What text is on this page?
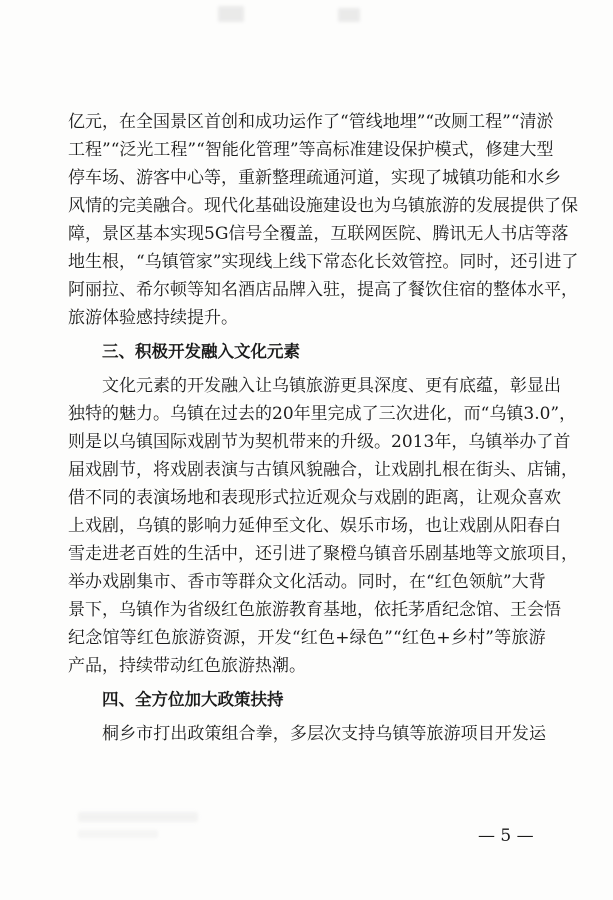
亿 元 ， 在 全 国 景 区 首 创 和 成 功 运 作 了 “ 管 线 地 埋 ” “ 改 厕 工 程 ” “ 清 淤
工 程 ” “ 泛 光 工 程 ” “ 智 能 化 管 理 ” 等 高 标 准 建 设 保 护 模 式 ， 修 建 大 型
停 车 场 、 游 客 中 心 等 ， 重 新 整 理 疏 通 河 道 ， 实 现 了 城 镇 功 能 和 水 乡
风 情 的 完 美 融 合 。 现 代 化 基 础 设 施 建 设 也 为 乌 镇 旅 游 的 发 展 提 供 了 保
障 ， 景 区 基 本 实 现 5 G 信 号 全 覆 盖 ， 互 联 网 医 院 、 腾 讯 无 人 书 店 等 落
地 生 根 ， “ 乌 镇 管 家 ” 实 现 线 上 线 下 常 态 化 长 效 管 控 。 同 时 ， 还 引 进 了
阿 丽 拉 、 希 尔 顿 等 知 名 酒 店 品 牌 入 驻 ， 提 高 了 餐 饮 住 宿 的 整 体 水 平 ，
旅游体验感持续提升。
三、积极开发融入文化元素
文 化 元 素 的 开 发 融 入 让 乌 镇 旅 游 更 具 深 度 、 更 有 底 蕴 ， 彰 显 出
独 特 的 魅 力 。 乌 镇 在 过 去 的 2 0 年 里 完 成 了 三 次 进 化 ， 而 “ 乌 镇 3 . 0 ” ，
则 是 以 乌 镇 国 际 戏 剧 节 为 契 机 带 来 的 升 级 。 2 0 1 3 年 ， 乌 镇 举 办 了 首
届 戏 剧 节 ， 将 戏 剧 表 演 与 古 镇 风 貌 融 合 ， 让 戏 剧 扎 根 在 街 头 、 店 铺 ，
借 不 同 的 表 演 场 地 和 表 现 形 式 拉 近 观 众 与 戏 剧 的 距 离 ， 让 观 众 喜 欢
上 戏 剧 ， 乌 镇 的 影 响 力 延 伸 至 文 化 、 娱 乐 市 场 ， 也 让 戏 剧 从 阳 春 白
雪 走 进 老 百 姓 的 生 活 中 ， 还 引 进 了 聚 橙 乌 镇 音 乐 剧 基 地 等 文 旅 项 目 ，
举 办 戏 剧 集 市 、 香 市 等 群 众 文 化 活 动 。 同 时 ， 在 “ 红 色 领 航 ” 大 背
景 下 ， 乌 镇 作 为 省 级 红 色 旅 游 教 育 基 地 ， 依 托 茅 盾 纪 念 馆 、 王 会 悟
纪 念 馆 等 红 色 旅 游 资 源 ， 开 发 “ 红 色 + 绿 色 ” “ 红 色 + 乡 村 ” 等 旅 游
产品，持续带动红色旅游热潮。
四、全方位加大政策扶持
桐 乡 市 打 出 政 策 组 合 拳 ， 多 层 次 支 持 乌 镇 等 旅 游 项 目 开 发 运
— 5 —
